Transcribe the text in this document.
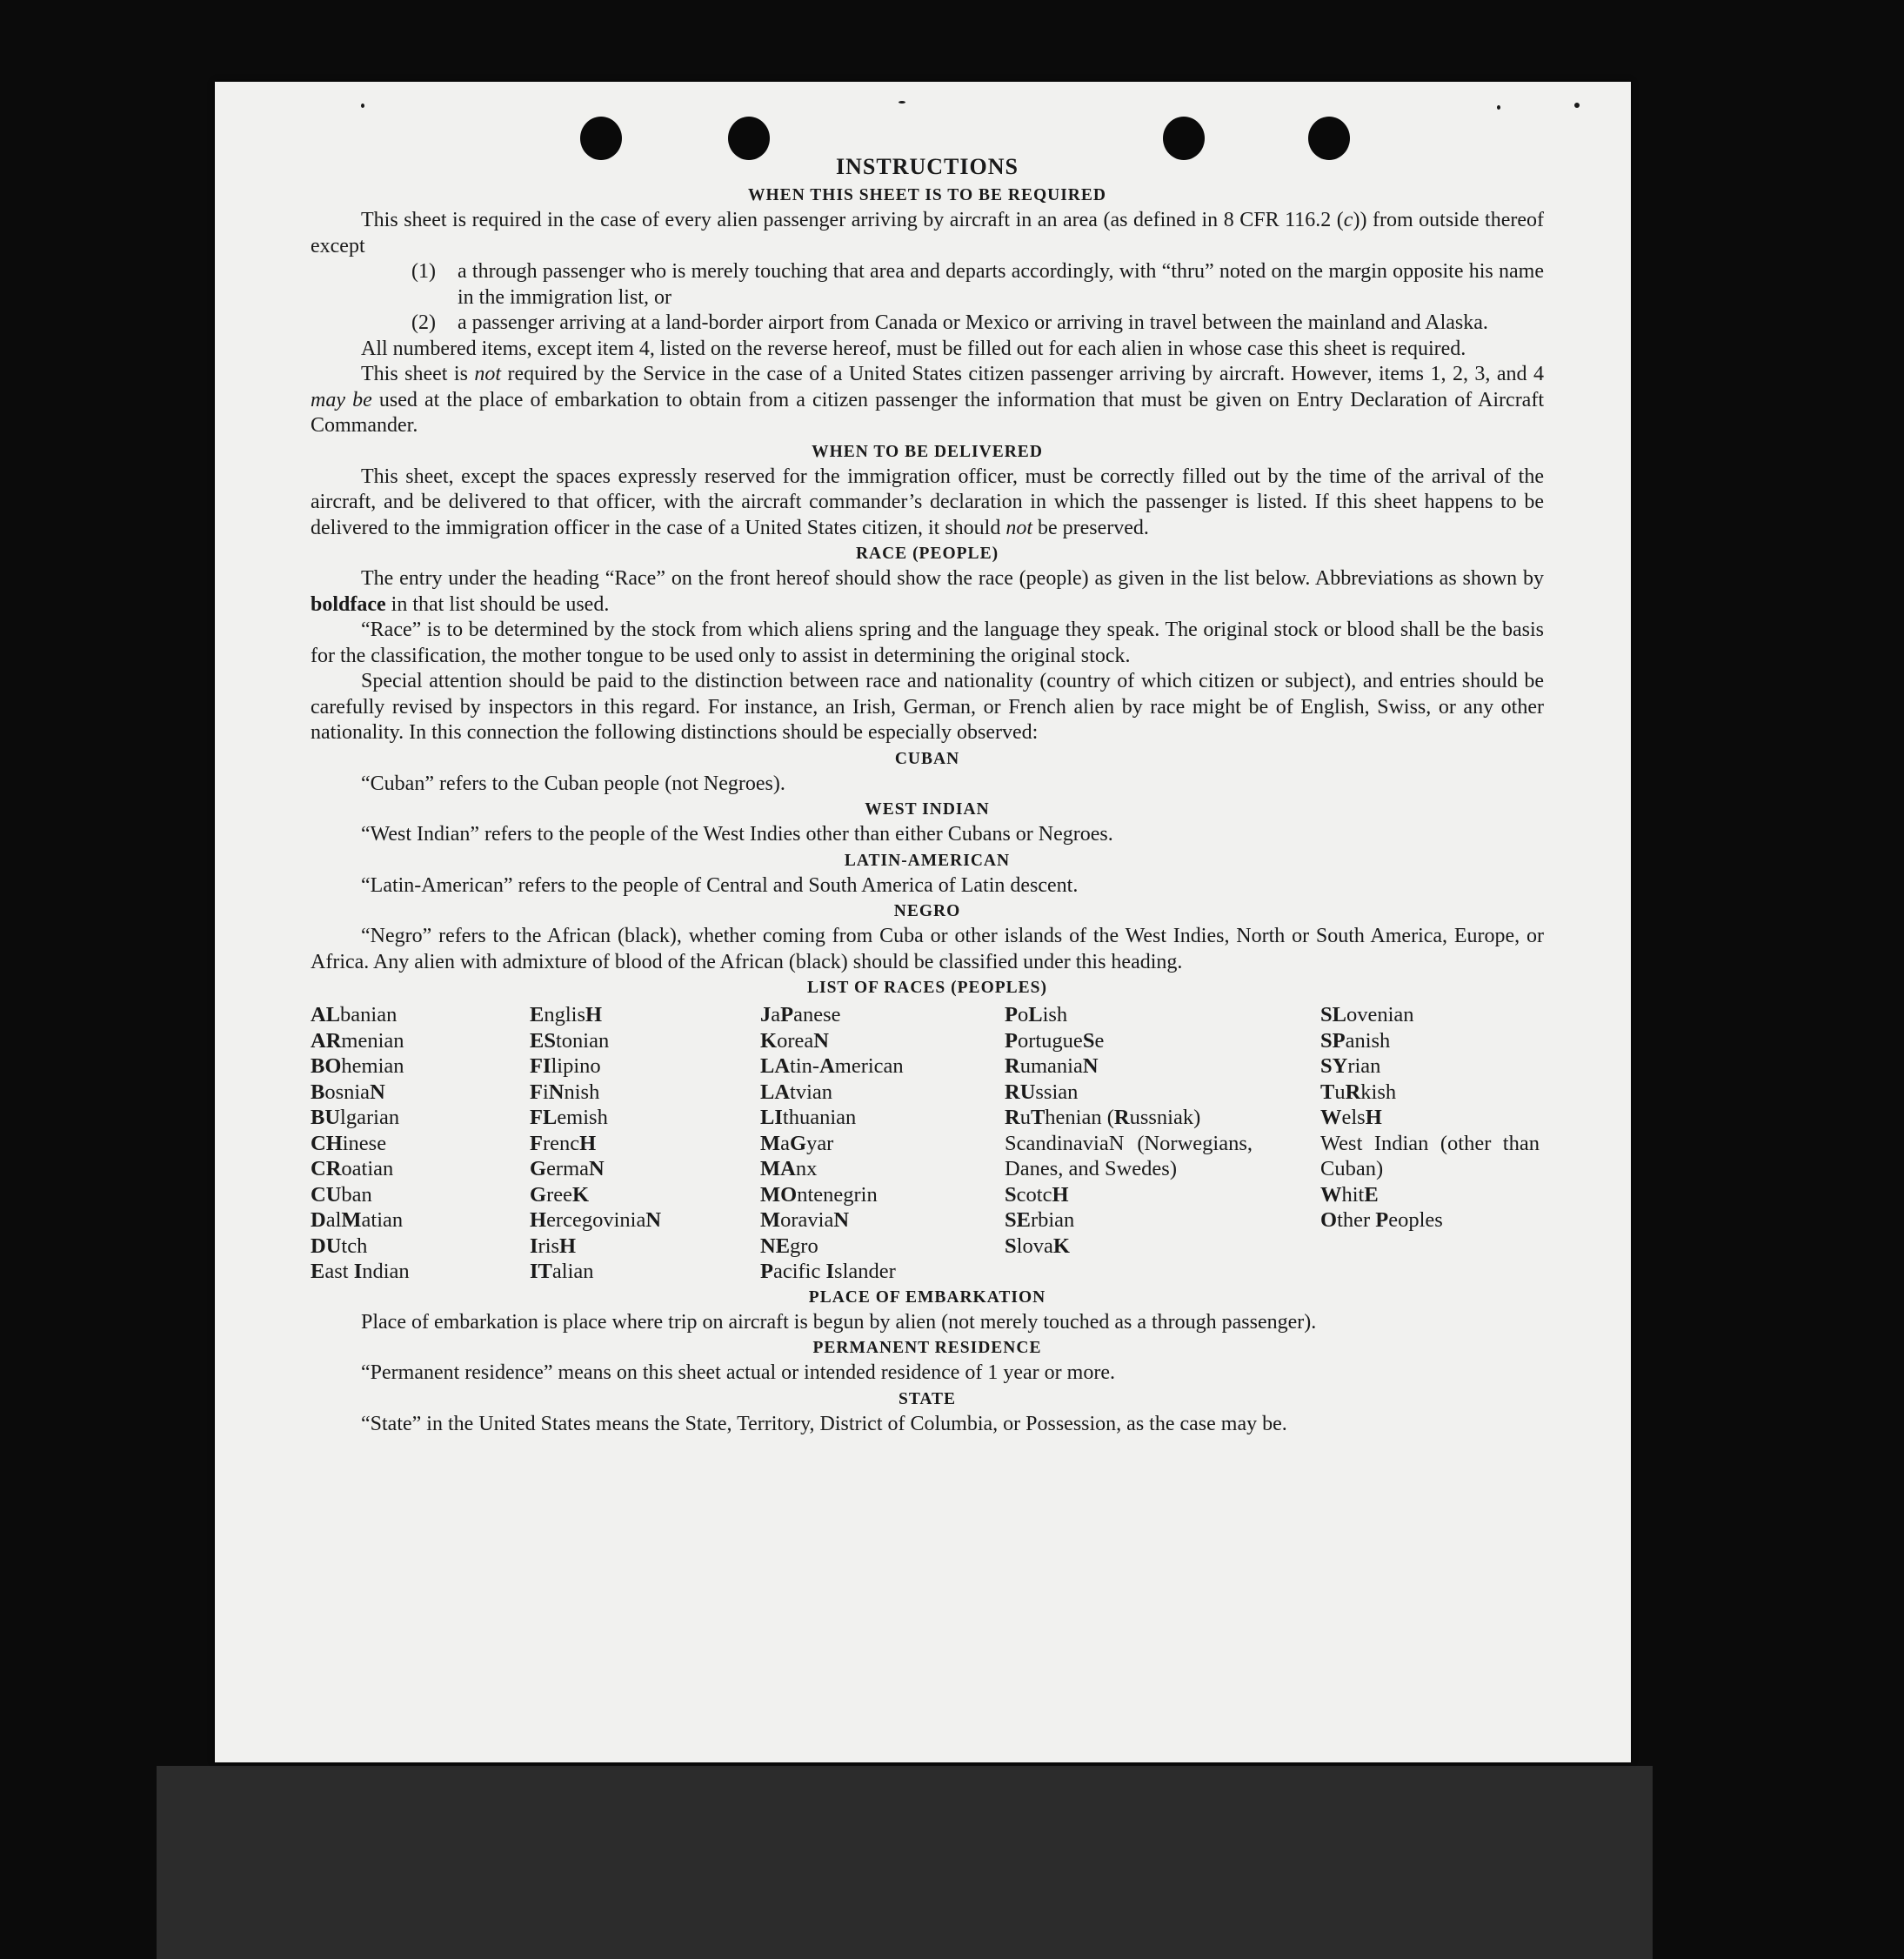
INSTRUCTIONS
WHEN THIS SHEET IS TO BE REQUIRED

This sheet is required in the case of every alien passenger arriving by aircraft in an area (as defined in 8 CFR 116.2 (c)) from outside thereof except

(1)	a through passenger who is merely touching that area and departs accordingly, with “thru” noted on the margin opposite his name in the immigration list, or
(2)	a passenger arriving at a land-border airport from Canada or Mexico or arriving in travel between the mainland and Alaska.

All numbered items, except item 4, listed on the reverse hereof, must be filled out for each alien in whose case this sheet is required.

This sheet is not required by the Service in the case of a United States citizen passenger arriving by aircraft. However, items 1, 2, 3, and 4 may be used at the place of embarkation to obtain from a citizen passenger the information that must be given on Entry Declaration of Aircraft Commander.

WHEN TO BE DELIVERED

This sheet, except the spaces expressly reserved for the immigration officer, must be correctly filled out by the time of the arrival of the aircraft, and be delivered to that officer, with the aircraft commander’s declaration in which the passenger is listed. If this sheet happens to be delivered to the immigration officer in the case of a United States citizen, it should not be preserved.

RACE (PEOPLE)

The entry under the heading “Race” on the front hereof should show the race (people) as given in the list below. Abbreviations as shown by boldface in that list should be used.

“Race” is to be determined by the stock from which aliens spring and the language they speak. The original stock or blood shall be the basis for the classification, the mother tongue to be used only to assist in determining the original stock.

Special attention should be paid to the distinction between race and nationality (country of which citizen or subject), and entries should be carefully revised by inspectors in this regard. For instance, an Irish, German, or French alien by race might be of English, Swiss, or any other nationality. In this connection the following distinctions should be especially observed:

CUBAN

“Cuban” refers to the Cuban people (not Negroes).

WEST INDIAN

“West Indian” refers to the people of the West Indies other than either Cubans or Negroes.

LATIN-AMERICAN

“Latin-American” refers to the people of Central and South America of Latin descent.

NEGRO

“Negro” refers to the African (black), whether coming from Cuba or other islands of the West Indies, North or South America, Europe, or Africa. Any alien with admixture of blood of the African (black) should be classified under this heading.

LIST OF RACES (PEOPLES)
ALbanian
ARmenian
BOhemian
BosniaN
BUlgarian
CHinese
CRoatian
CUban
DalMatian
DUtch
East Indian
EnglisH
EStonian
FIlipino
FiNnish
FLemish
FrencH
GermaN
GreeK
HercegoviniaN
IrisH
ITalian
JaPanese
KoreaN
LAtin-American
LAtvian
LIthuanian
MaGyar
MAnx
MOntenegrin
MoraviaN
NEgro
Pacific Islander
PoLish
PortugueSe
RumaniaN
RUssian
RuThenian (Russniak)
ScandinaviaN (Norwegians, Danes, and Swedes)
ScotcH
SErbian
SlovaK
SLovenian
SPanish
SYrian
TuRkish
WelsH
West Indian (other than Cuban)
WhitE
Other Peoples
PLACE OF EMBARKATION

Place of embarkation is place where trip on aircraft is begun by alien (not merely touched as a through passenger).

PERMANENT RESIDENCE

“Permanent residence” means on this sheet actual or intended residence of 1 year or more.

STATE

“State” in the United States means the State, Territory, District of Columbia, or Possession, as the case may be.
